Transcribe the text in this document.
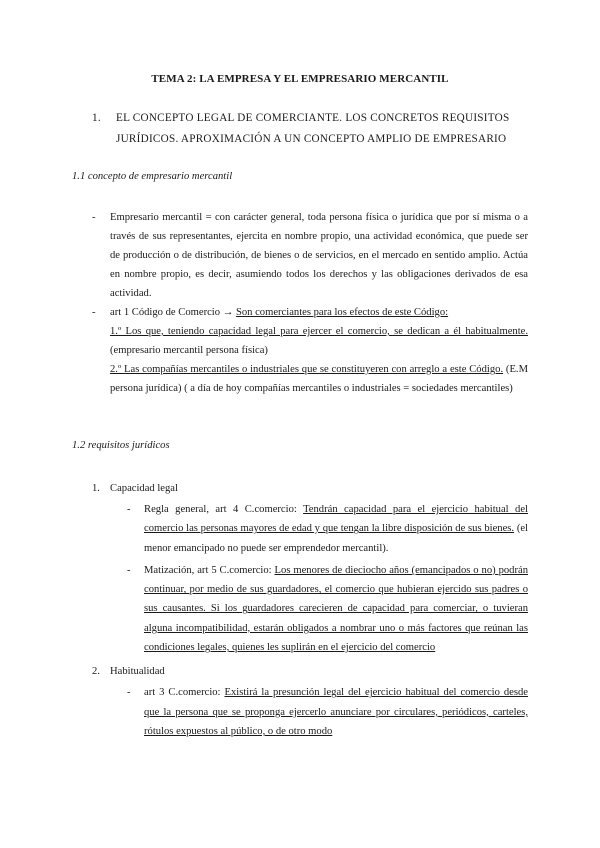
TEMA 2: LA EMPRESA Y EL EMPRESARIO MERCANTIL
1. EL CONCEPTO LEGAL DE COMERCIANTE. LOS CONCRETOS REQUISITOS JURÍDICOS. APROXIMACIÓN A UN CONCEPTO AMPLIO DE EMPRESARIO
1.1 concepto de empresario mercantil
- Empresario mercantil = con carácter general, toda persona física o jurídica que por sí misma o a través de sus representantes, ejercita en nombre propio, una actividad económica, que puede ser de producción o de distribución, de bienes o de servicios, en el mercado en sentido amplio. Actúa en nombre propio, es decir, asumiendo todos los derechos y las obligaciones derivados de esa actividad.
- art 1 Código de Comercio → Son comerciantes para los efectos de este Código:
1.º Los que, teniendo capacidad legal para ejercer el comercio, se dedican a él habitualmente. (empresario mercantil persona física)
2.º Las compañías mercantiles o industriales que se constituyeren con arreglo a este Código. (E.M persona jurídica) ( a día de hoy compañías mercantiles o industriales = sociedades mercantiles)
1.2 requisitos jurídicos
1. Capacidad legal
- Regla general, art 4 C.comercio: Tendrán capacidad para el ejercicio habitual del comercio las personas mayores de edad y que tengan la libre disposición de sus bienes. (el menor emancipado no puede ser emprendedor mercantil).
- Matización, art 5 C.comercio: Los menores de dieciocho años (emancipados o no) podrán continuar, por medio de sus guardadores, el comercio que hubieran ejercido sus padres o sus causantes. Si los guardadores carecieren de capacidad para comerciar, o tuvieran alguna incompatibilidad, estarán obligados a nombrar uno o más factores que reúnan las condiciones legales, quienes les suplirán en el ejercicio del comercio
2. Habitualidad
- art 3 C.comercio: Existirá la presunción legal del ejercicio habitual del comercio desde que la persona que se proponga ejercerlo anunciare por circulares, periódicos, carteles, rótulos expuestos al público, o de otro modo
